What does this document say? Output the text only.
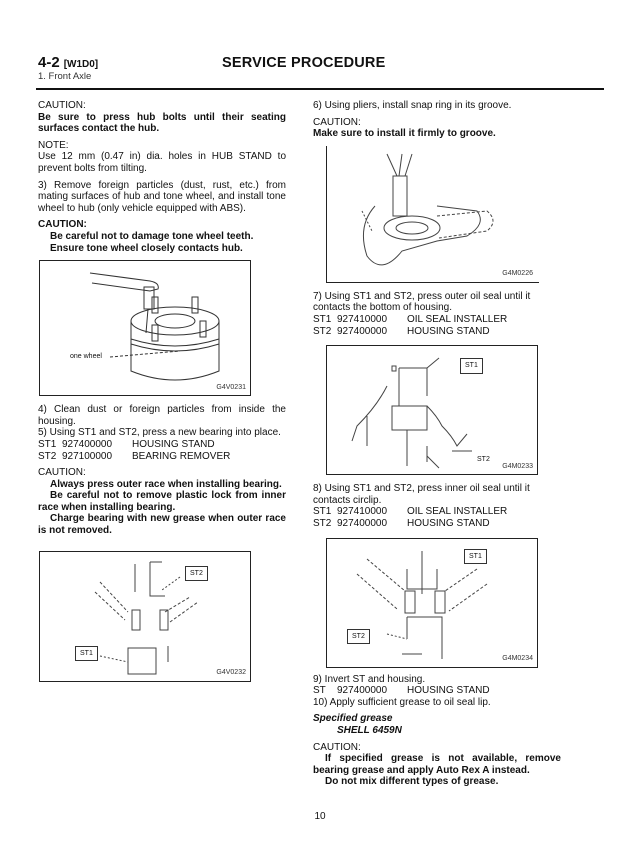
4-2 [W1D0]
1. Front Axle
SERVICE PROCEDURE

CAUTION:

Be sure to press hub bolts until their seating surfaces contact the hub.

NOTE:

Use 12 mm (0.47 in) dia. holes in HUB STAND to prevent bolts from tilting.

3) Remove foreign particles (dust, rust, etc.) from mating surfaces of hub and tone wheel, and install tone wheel to hub (only vehicle equipped with ABS).

CAUTION:

Be careful not to damage tone wheel teeth.

Ensure tone wheel closely contacts hub.

one wheel
G4V0231

4) Clean dust or foreign particles from inside the housing.

5) Using ST1 and ST2, press a new bearing into place.

ST1 927400000	HOUSING STAND
ST2 927100000	BEARING REMOVER

CAUTION:

Always press outer race when installing bearing.

Be careful not to remove plastic lock from inner race when installing bearing.

Charge bearing with new grease when outer race is not removed.

ST2
ST1
G4V0232

6) Using pliers, install snap ring in its groove.

CAUTION:

Make sure to install it firmly to groove.

G4M0226

7) Using ST1 and ST2, press outer oil seal until it contacts the bottom of housing.

ST1 927410000	OIL SEAL INSTALLER
ST2 927400000	HOUSING STAND
ST1
ST2
G4M0233

8) Using ST1 and ST2, press inner oil seal until it contacts circlip.

ST1 927410000	OIL SEAL INSTALLER
ST2 927400000	HOUSING STAND
ST1
ST2
G4M0234

9) Invert ST and housing.

ST	927400000	HOUSING STAND

10) Apply sufficient grease to oil seal lip.

Specified grease

SHELL 6459N

CAUTION:

If specified grease is not available, remove bearing grease and apply Auto Rex A instead.

Do not mix different types of grease.

10
